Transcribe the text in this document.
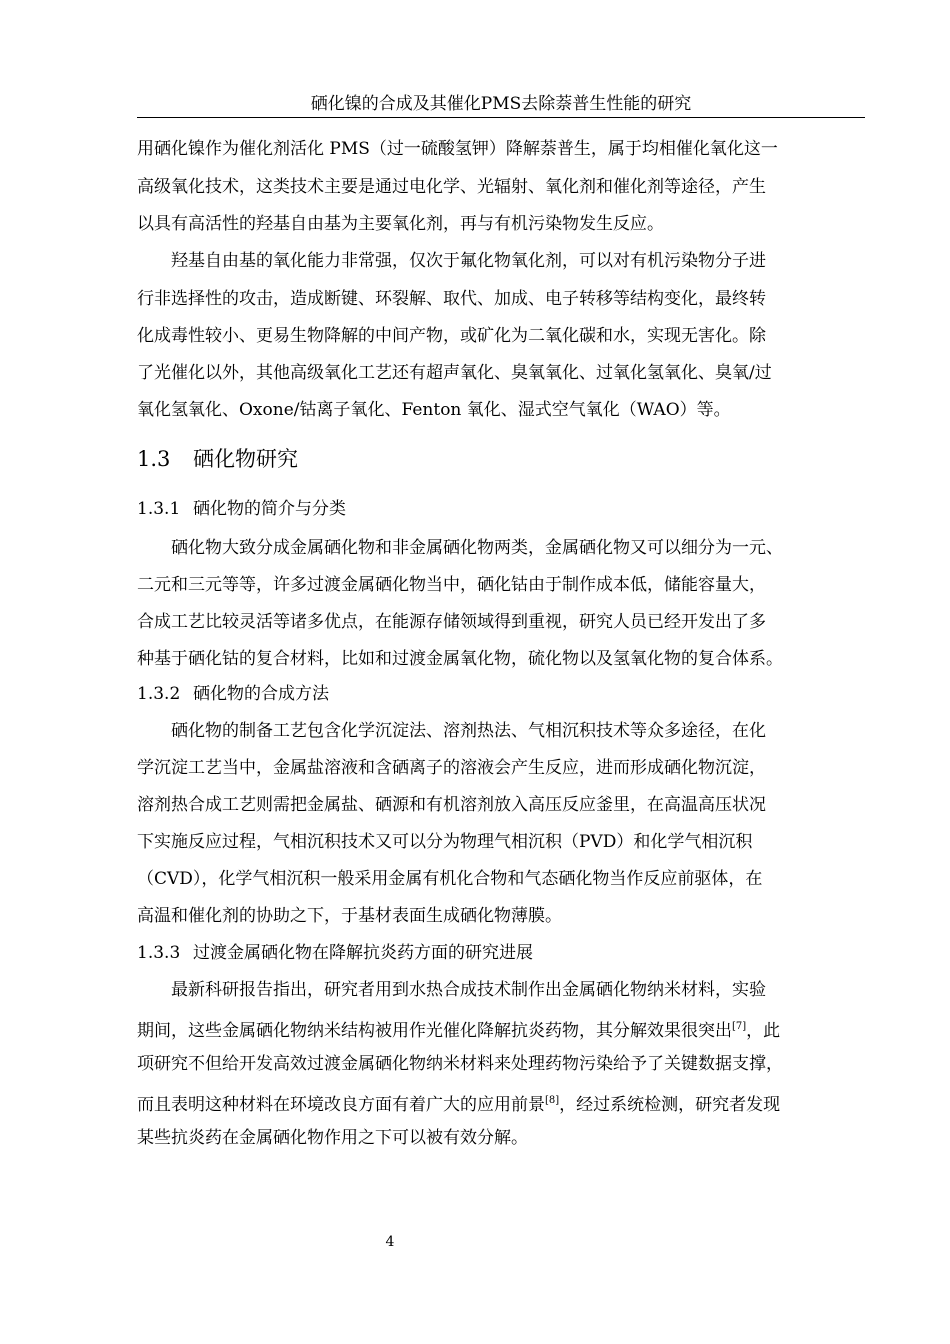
硒化镍的合成及其催化PMS去除萘普生性能的研究
用硒化镍作为催化剂活化 PMS（过一硫酸氢钾）降解萘普生，属于均相催化氧化这一
高级氧化技术，这类技术主要是通过电化学、光辐射、氧化剂和催化剂等途径，产生
以具有高活性的羟基自由基为主要氧化剂，再与有机污染物发生反应。
羟基自由基的氧化能力非常强，仅次于氟化物氧化剂，可以对有机污染物分子进
行非选择性的攻击，造成断键、环裂解、取代、加成、电子转移等结构变化，最终转
化成毒性较小、更易生物降解的中间产物，或矿化为二氧化碳和水，实现无害化。除
了光催化以外，其他高级氧化工艺还有超声氧化、臭氧氧化、过氧化氢氧化、臭氧/过
氧化氢氧化、Oxone/钴离子氧化、Fenton 氧化、湿式空气氧化（WAO）等。
1.3 硒化物研究
1.3.1 硒化物的简介与分类
硒化物大致分成金属硒化物和非金属硒化物两类，金属硒化物又可以细分为一元、
二元和三元等等，许多过渡金属硒化物当中，硒化钴由于制作成本低，储能容量大，
合成工艺比较灵活等诸多优点，在能源存储领域得到重视，研究人员已经开发出了多
种基于硒化钴的复合材料，比如和过渡金属氧化物，硫化物以及氢氧化物的复合体系。
1.3.2 硒化物的合成方法
硒化物的制备工艺包含化学沉淀法、溶剂热法、气相沉积技术等众多途径，在化
学沉淀工艺当中，金属盐溶液和含硒离子的溶液会产生反应，进而形成硒化物沉淀，
溶剂热合成工艺则需把金属盐、硒源和有机溶剂放入高压反应釜里，在高温高压状况
下实施反应过程，气相沉积技术又可以分为物理气相沉积（PVD）和化学气相沉积
（CVD），化学气相沉积一般采用金属有机化合物和气态硒化物当作反应前驱体，在
高温和催化剂的协助之下，于基材表面生成硒化物薄膜。
1.3.3 过渡金属硒化物在降解抗炎药方面的研究进展
最新科研报告指出，研究者用到水热合成技术制作出金属硒化物纳米材料，实验
期间，这些金属硒化物纳米结构被用作光催化降解抗炎药物，其分解效果很突出[7]，此
项研究不但给开发高效过渡金属硒化物纳米材料来处理药物污染给予了关键数据支撑，
而且表明这种材料在环境改良方面有着广大的应用前景[8]，经过系统检测，研究者发现
某些抗炎药在金属硒化物作用之下可以被有效分解。
4
